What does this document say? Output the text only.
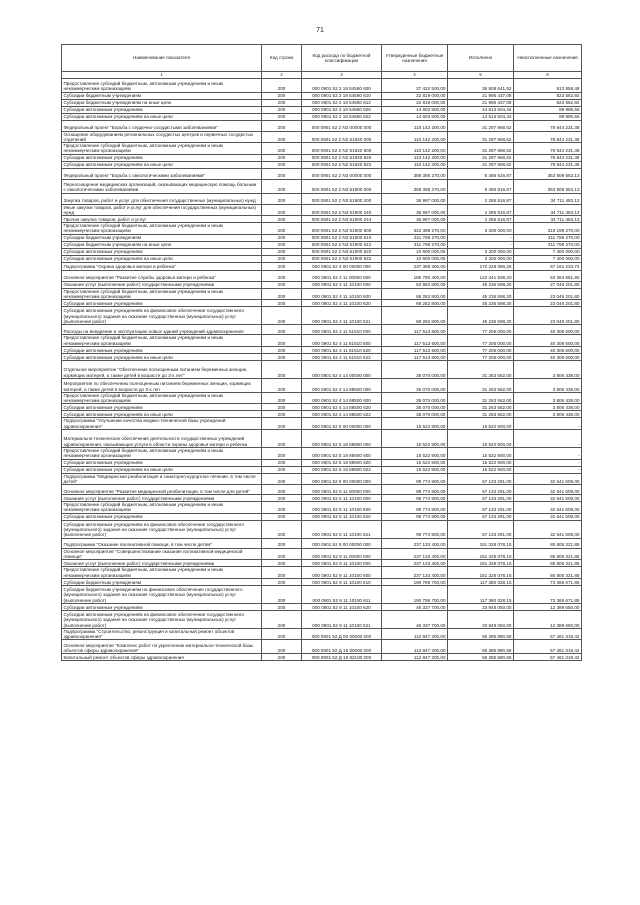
71
Наименование показателя	Код строки	Код расхода по бюджетной классификации	Утвержденные бюджетные назначения	Исполнено	Неисполненные назначения
1	2	3	4	5	6
Предоставление субсидий бюджетным, автономным учреждениям и иным некоммерческим организациям	200	000 0901 52 2 18 54560 600	37 422 500,00	36 508 641,52	913 858,48
Субсидии бюджетным учреждениям	200	000 0901 52 2 18 54560 610	22 819 000,00	21 995 437,08	823 562,92
Субсидии бюджетным учреждениям на иные цели	200	000 0901 52 2 18 54560 612	22 819 000,00	21 995 437,08	823 562,92
Субсидии автономным учреждениям	200	000 0901 52 2 18 54560 620	14 603 500,00	14 513 504,44	89 995,56
Субсидии автономным учреждениям на иные цели	200	000 0901 52 2 18 54560 622	14 603 500,00	14 513 504,44	89 995,56
Федеральный проект "Борьба с сердечно-сосудистыми заболеваниями"	200	000 0901 52 2 N2 00000 000	110 142 200,00	31 297 968,62	78 844 231,38
Оснащение оборудованием региональных сосудистых центров и первичных сосудистых отделений	200	000 0901 52 2 N2 51920 000	110 142 200,00	31 297 968,62	78 844 231,38
Предоставление субсидий бюджетным, автономным учреждениям и иным некоммерческим организациям	200	000 0901 52 2 N2 51920 600	110 142 200,00	31 297 968,62	78 844 231,38
Субсидии автономным учреждениям	200	000 0901 52 2 N2 51920 620	110 142 200,00	31 297 968,62	78 844 231,38
Субсидии автономным учреждениям на иные цели	200	000 0901 52 2 N2 51920 622	110 142 200,00	31 297 968,62	78 844 231,38
Федеральный проект "Борьба с онкологическими заболеваниями"	200	000 0901 52 2 N3 00000 000	359 395 270,00	5 485 616,87	353 909 653,13
Переоснащение медицинских организаций, оказывающих медицинскую помощь больным с онкологическими заболеваниями	200	000 0901 52 2 N3 51900 000	359 395 270,00	5 485 616,87	353 909 653,13
Закупка товаров, работ и услуг для обеспечения государственных (муниципальных) нужд	200	000 0901 52 2 N3 51900 200	36 997 000,00	2 285 516,87	34 711 483,13
Иные закупки товаров, работ и услуг для обеспечения государственных (муниципальных) нужд	200	000 0901 52 2 N3 51900 240	36 997 000,00	2 285 516,87	34 711 483,13
Прочая закупка товаров, работ и услуг	200	000 0901 52 2 N3 51900 244	36 997 000,00	2 285 516,87	34 711 483,13
Предоставление субсидий бюджетным, автономным учреждениям и иным некоммерческим организациям	200	000 0901 52 2 N3 51900 600	322 398 270,00	3 200 000,00	319 198 270,00
Субсидии бюджетным учреждениям	200	000 0901 52 2 N3 51900 610	311 798 270,00	-	311 798 270,00
Субсидии бюджетным учреждениям на иные цели	200	000 0901 52 2 N3 51900 612	311 798 270,00	-	311 798 270,00
Субсидии автономным учреждениям	200	000 0901 52 2 N3 51900 620	10 600 000,00	3 200 000,00	7 400 000,00
Субсидии автономным учреждениям на иные цели	200	000 0901 52 2 N3 51900 622	10 600 000,00	3 200 000,00	7 400 000,00
Подпрограмма "Охрана здоровья матери и ребенка"	200	000 0901 52 4 00 00000 000	237 389 300,00	170 228 066,26	67 161 233,74
Основное мероприятие "Развитие службы здоровья матери и ребенка"	200	000 0901 52 4 11 00000 000	185 790 400,00	122 441 538,20	63 354 861,80
Оказание услуг (выполнение работ) государственными учреждениями	200	000 0901 52 4 11 10100 000	53 882 800,00	45 236 598,20	27 046 201,80
Предоставление субсидий бюджетным, автономным учреждениям и иным некоммерческим организациям	200	000 0901 52 4 11 10100 600	68 282 800,00	45 236 598,20	23 046 201,80
Субсидии автономным учреждениям	200	000 0901 52 4 11 10100 620	68 282 800,00	45 236 598,20	23 046 201,80
Субсидии автономным учреждениям на финансовое обеспечение государственного (муниципального) задания на оказание государственных (муниципальных) услуг (выполнение работ)	200	000 0901 52 4 11 10100 621	68 282 800,00	45 236 598,20	23 046 201,80
Расходы на внедрение и эксплуатацию новых зданий учреждений здравоохранения	200	000 0901 52 4 11 51510 000	117 513 600,00	77 205 000,00	40 308 600,00
Предоставление субсидий бюджетным, автономным учреждениям и иным некоммерческим организациям	200	000 0901 52 4 11 51510 600	117 513 600,00	77 205 000,00	40 308 600,00
Субсидии автономным учреждениям	200	000 0901 52 4 11 51510 620	117 513 600,00	77 205 000,00	40 308 600,00
Субсидии автономным учреждениям на иные цели	200	000 0901 52 4 11 51510 622	117 513 600,00	77 205 000,00	40 308 600,00
Отдельное мероприятие "Обеспечение полноценным питанием беременных женщин, кормящих матерей, а также детей в возрасте до 3-х лет"	200	000 0901 52 4 14 00000 000	35 070 000,00	31 263 562,00	3 806 438,00
Мероприятия по обеспечению полноценным питанием беременных женщин, кормящих матерей, а также детей в возрасте до 3-х лет	200	000 0901 52 4 14 88500 000	35 070 000,00	31 263 562,00	3 806 438,00
Предоставление субсидий бюджетным, автономным учреждениям и иным некоммерческим организациям	200	000 0901 52 4 14 88500 600	35 070 000,00	31 263 562,00	3 806 438,00
Субсидии автономным учреждениям	200	000 0901 52 4 14 88500 620	35 070 000,00	31 263 562,00	3 806 438,00
Субсидии автономным учреждениям на иные цели	200	000 0901 52 4 14 88500 622	35 070 000,00	31 263 562,00	3 806 438,00
Подпрограмма "Улучшение качества медико-технической базы учреждений здравоохранения"	200	000 0901 52 5 00 00000 000	15 522 900,00	15 522 900,00	-
Материально-техническое обеспечение деятельности государственных учреждений здравоохранения, оказывающих услуги в области охраны здоровья матери и ребенка	200	000 0901 52 5 18 88900 000	15 522 900,00	15 522 900,00	-
Предоставление субсидий бюджетным, автономным учреждениям и иным некоммерческим организациям	200	000 0901 52 5 18 88900 600	15 522 900,00	15 522 900,00	-
Субсидии автономным учреждениям	200	000 0901 52 5 18 88900 620	15 522 900,00	15 522 900,00	-
Субсидии автономным учреждениям на иные цели	200	000 0901 52 5 18 88900 622	15 522 900,00	15 522 900,00	-
Подпрограмма "Медицинская реабилитация и санаторно-курортное лечение, в том числе детей"	200	000 0901 52 6 00 00000 000	99 774 900,00	67 133 291,00	32 641 609,00
Основное мероприятие "Развитие медицинской реабилитации, в том числе для детей"	200	000 0901 52 6 11 00000 000	99 774 900,00	67 133 291,00	32 641 609,00
Оказание услуг (выполнение работ) государственными учреждениями	200	000 0901 52 6 11 10100 000	99 774 900,00	67 133 291,00	32 641 609,00
Предоставление субсидий бюджетным, автономным учреждениям и иным некоммерческим организациям	200	000 0901 52 6 11 10100 600	99 774 900,00	67 133 291,00	32 641 609,00
Субсидии автономным учреждениям	200	000 0901 52 6 11 10100 620	99 774 900,00	67 133 291,00	32 641 609,00
Субсидии автономным учреждениям на финансовое обеспечение государственного (муниципального) задания на оказание государственных (муниципальных) услуг (выполнение работ)	200	000 0901 52 6 11 10100 621	99 774 900,00	67 133 291,00	32 641 609,00
Подпрограмма "Оказание паллиативной помощи, в том числе детям"	200	000 0901 52 9 00 00000 000	237 133 400,00	151 328 078,15	85 805 321,85
Основное мероприятие "Совершенствование оказания паллиативной медицинской помощи"	200	000 0901 52 9 11 00000 000	237 133 400,00	151 328 078,15	85 805 321,85
Оказание услуг (выполнение работ) государственными учреждениями	200	000 0901 52 9 11 10100 000	237 133 400,00	151 328 078,15	85 805 321,85
Предоставление субсидий бюджетным, автономным учреждениям и иным некоммерческим организациям	200	000 0901 52 9 11 10100 600	237 133 400,00	151 328 078,15	85 805 321,85
Субсидии бюджетным учреждениям	200	000 0901 52 9 11 10100 610	190 795 700,00	117 380 028,15	73 365 671,85
Субсидии бюджетным учреждениям на финансовое обеспечение государственного (муниципального) задания на оказание государственных (муниципальных) услуг (выполнение работ)	200	000 0901 52 9 11 10100 611	190 795 700,00	117 380 028,15	73 365 671,85
Субсидии автономным учреждениям	200	000 0901 52 9 11 10100 620	46 337 700,00	33 948 050,00	12 389 650,00
Субсидии автономным учреждениям на финансовое обеспечение государственного (муниципального) задания на оказание государственных (муниципальных) услуг (выполнение работ)	200	000 0901 52 9 11 10100 621	46 337 700,00	33 948 050,00	12 389 650,00
Подпрограмма "Строительство, реконструкция и капитальный ремонт объектов здравоохранения"	200	000 0901 52 Д 00 00000 000	112 847 200,00	55 385 880,58	57 461 319,42
Основное мероприятие "Комплекс работ по укреплению материально-технической базы объектов сферы здравоохранения"	200	000 0901 52 Д 16 00000 000	112 847 200,00	55 385 880,58	57 461 319,42
Капитальный ремонт объектов сферы здравоохранения	200	000 0901 52 Д 16 82100 000	112 847 200,00	55 385 880,58	57 461 319,42
